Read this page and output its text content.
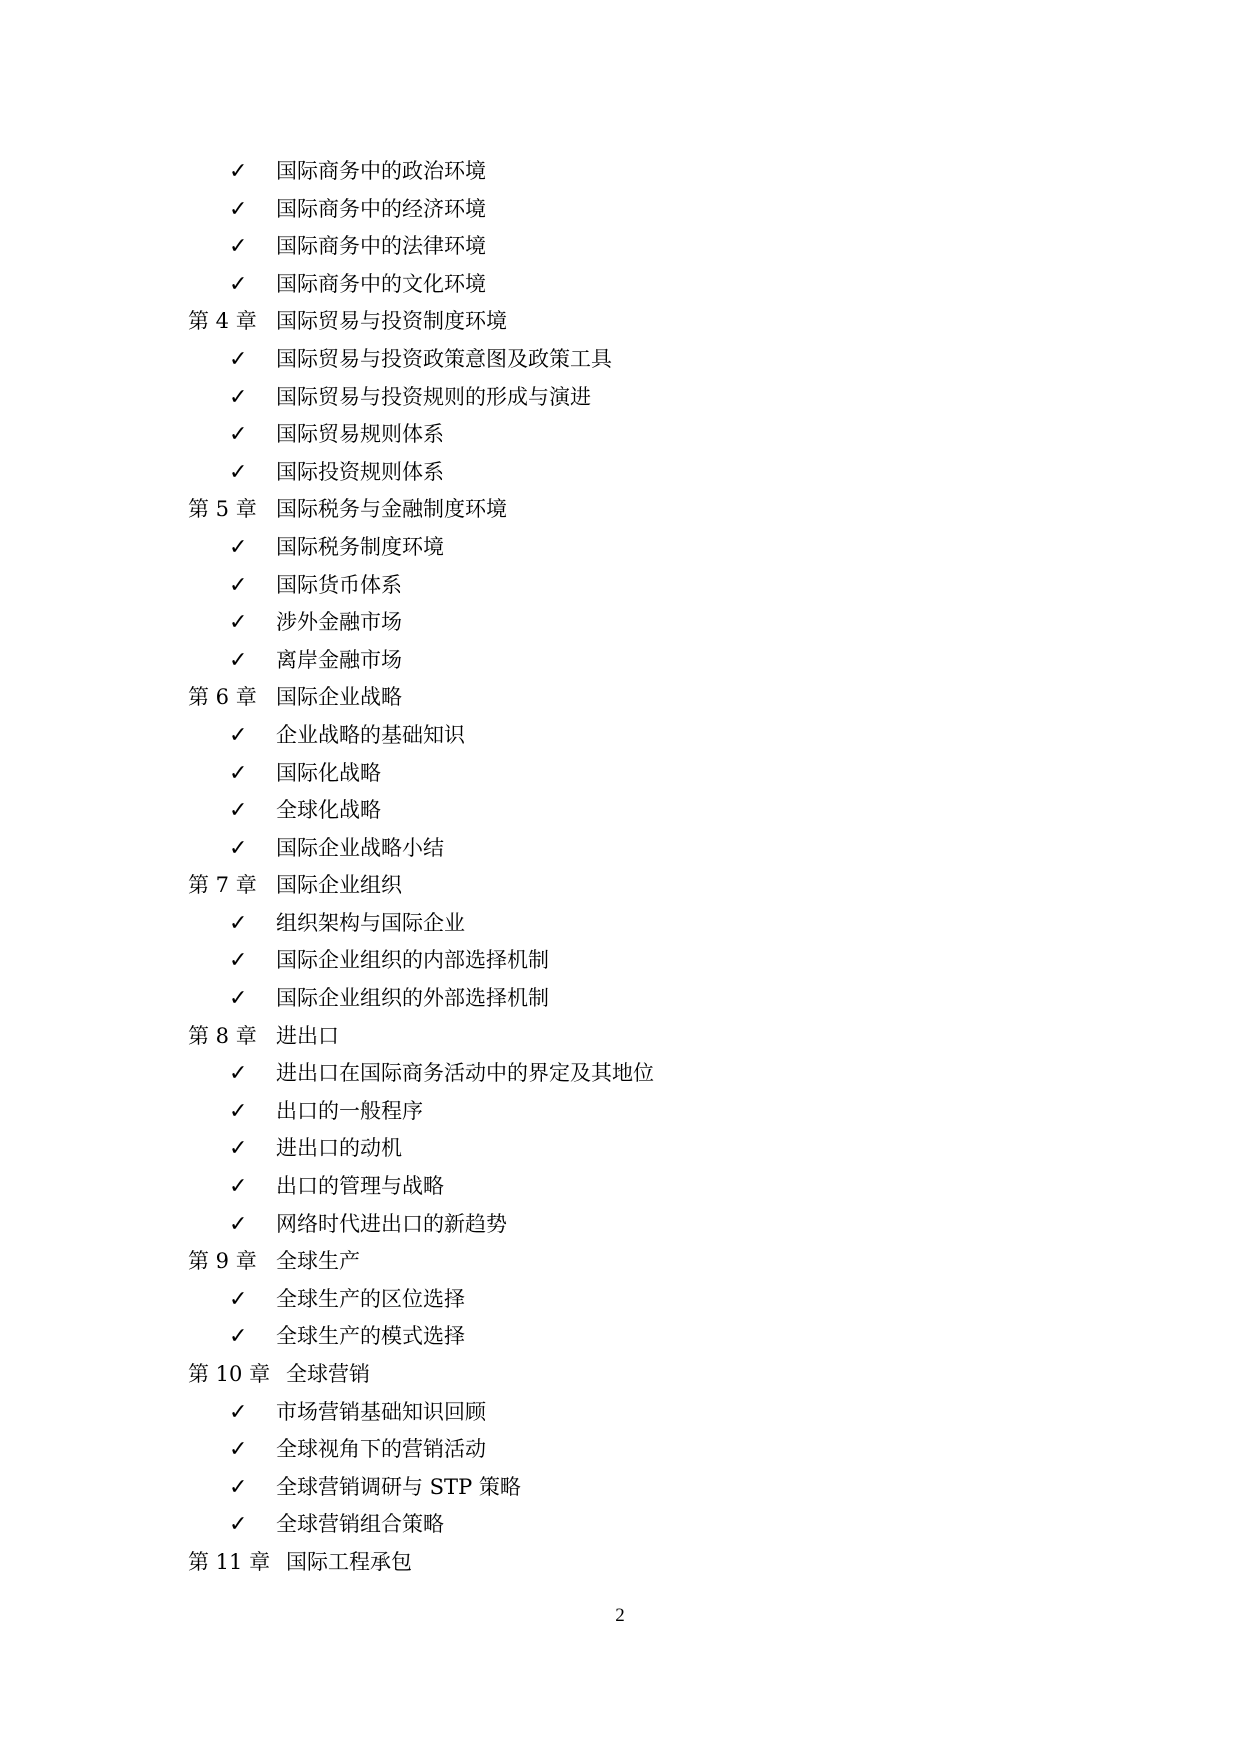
✓ 国际商务中的政治环境
✓ 国际商务中的经济环境
✓ 国际商务中的法律环境
✓ 国际商务中的文化环境
第 4 章 国际贸易与投资制度环境
✓ 国际贸易与投资政策意图及政策工具
✓ 国际贸易与投资规则的形成与演进
✓ 国际贸易规则体系
✓ 国际投资规则体系
第 5 章 国际税务与金融制度环境
✓ 国际税务制度环境
✓ 国际货币体系
✓ 涉外金融市场
✓ 离岸金融市场
第 6 章 国际企业战略
✓ 企业战略的基础知识
✓ 国际化战略
✓ 全球化战略
✓ 国际企业战略小结
第 7 章 国际企业组织
✓ 组织架构与国际企业
✓ 国际企业组织的内部选择机制
✓ 国际企业组织的外部选择机制
第 8 章 进出口
✓ 进出口在国际商务活动中的界定及其地位
✓ 出口的一般程序
✓ 进出口的动机
✓ 出口的管理与战略
✓ 网络时代进出口的新趋势
第 9 章 全球生产
✓ 全球生产的区位选择
✓ 全球生产的模式选择
第 10 章 全球营销
✓ 市场营销基础知识回顾
✓ 全球视角下的营销活动
✓ 全球营销调研与 STP 策略
✓ 全球营销组合策略
第 11 章 国际工程承包
2
